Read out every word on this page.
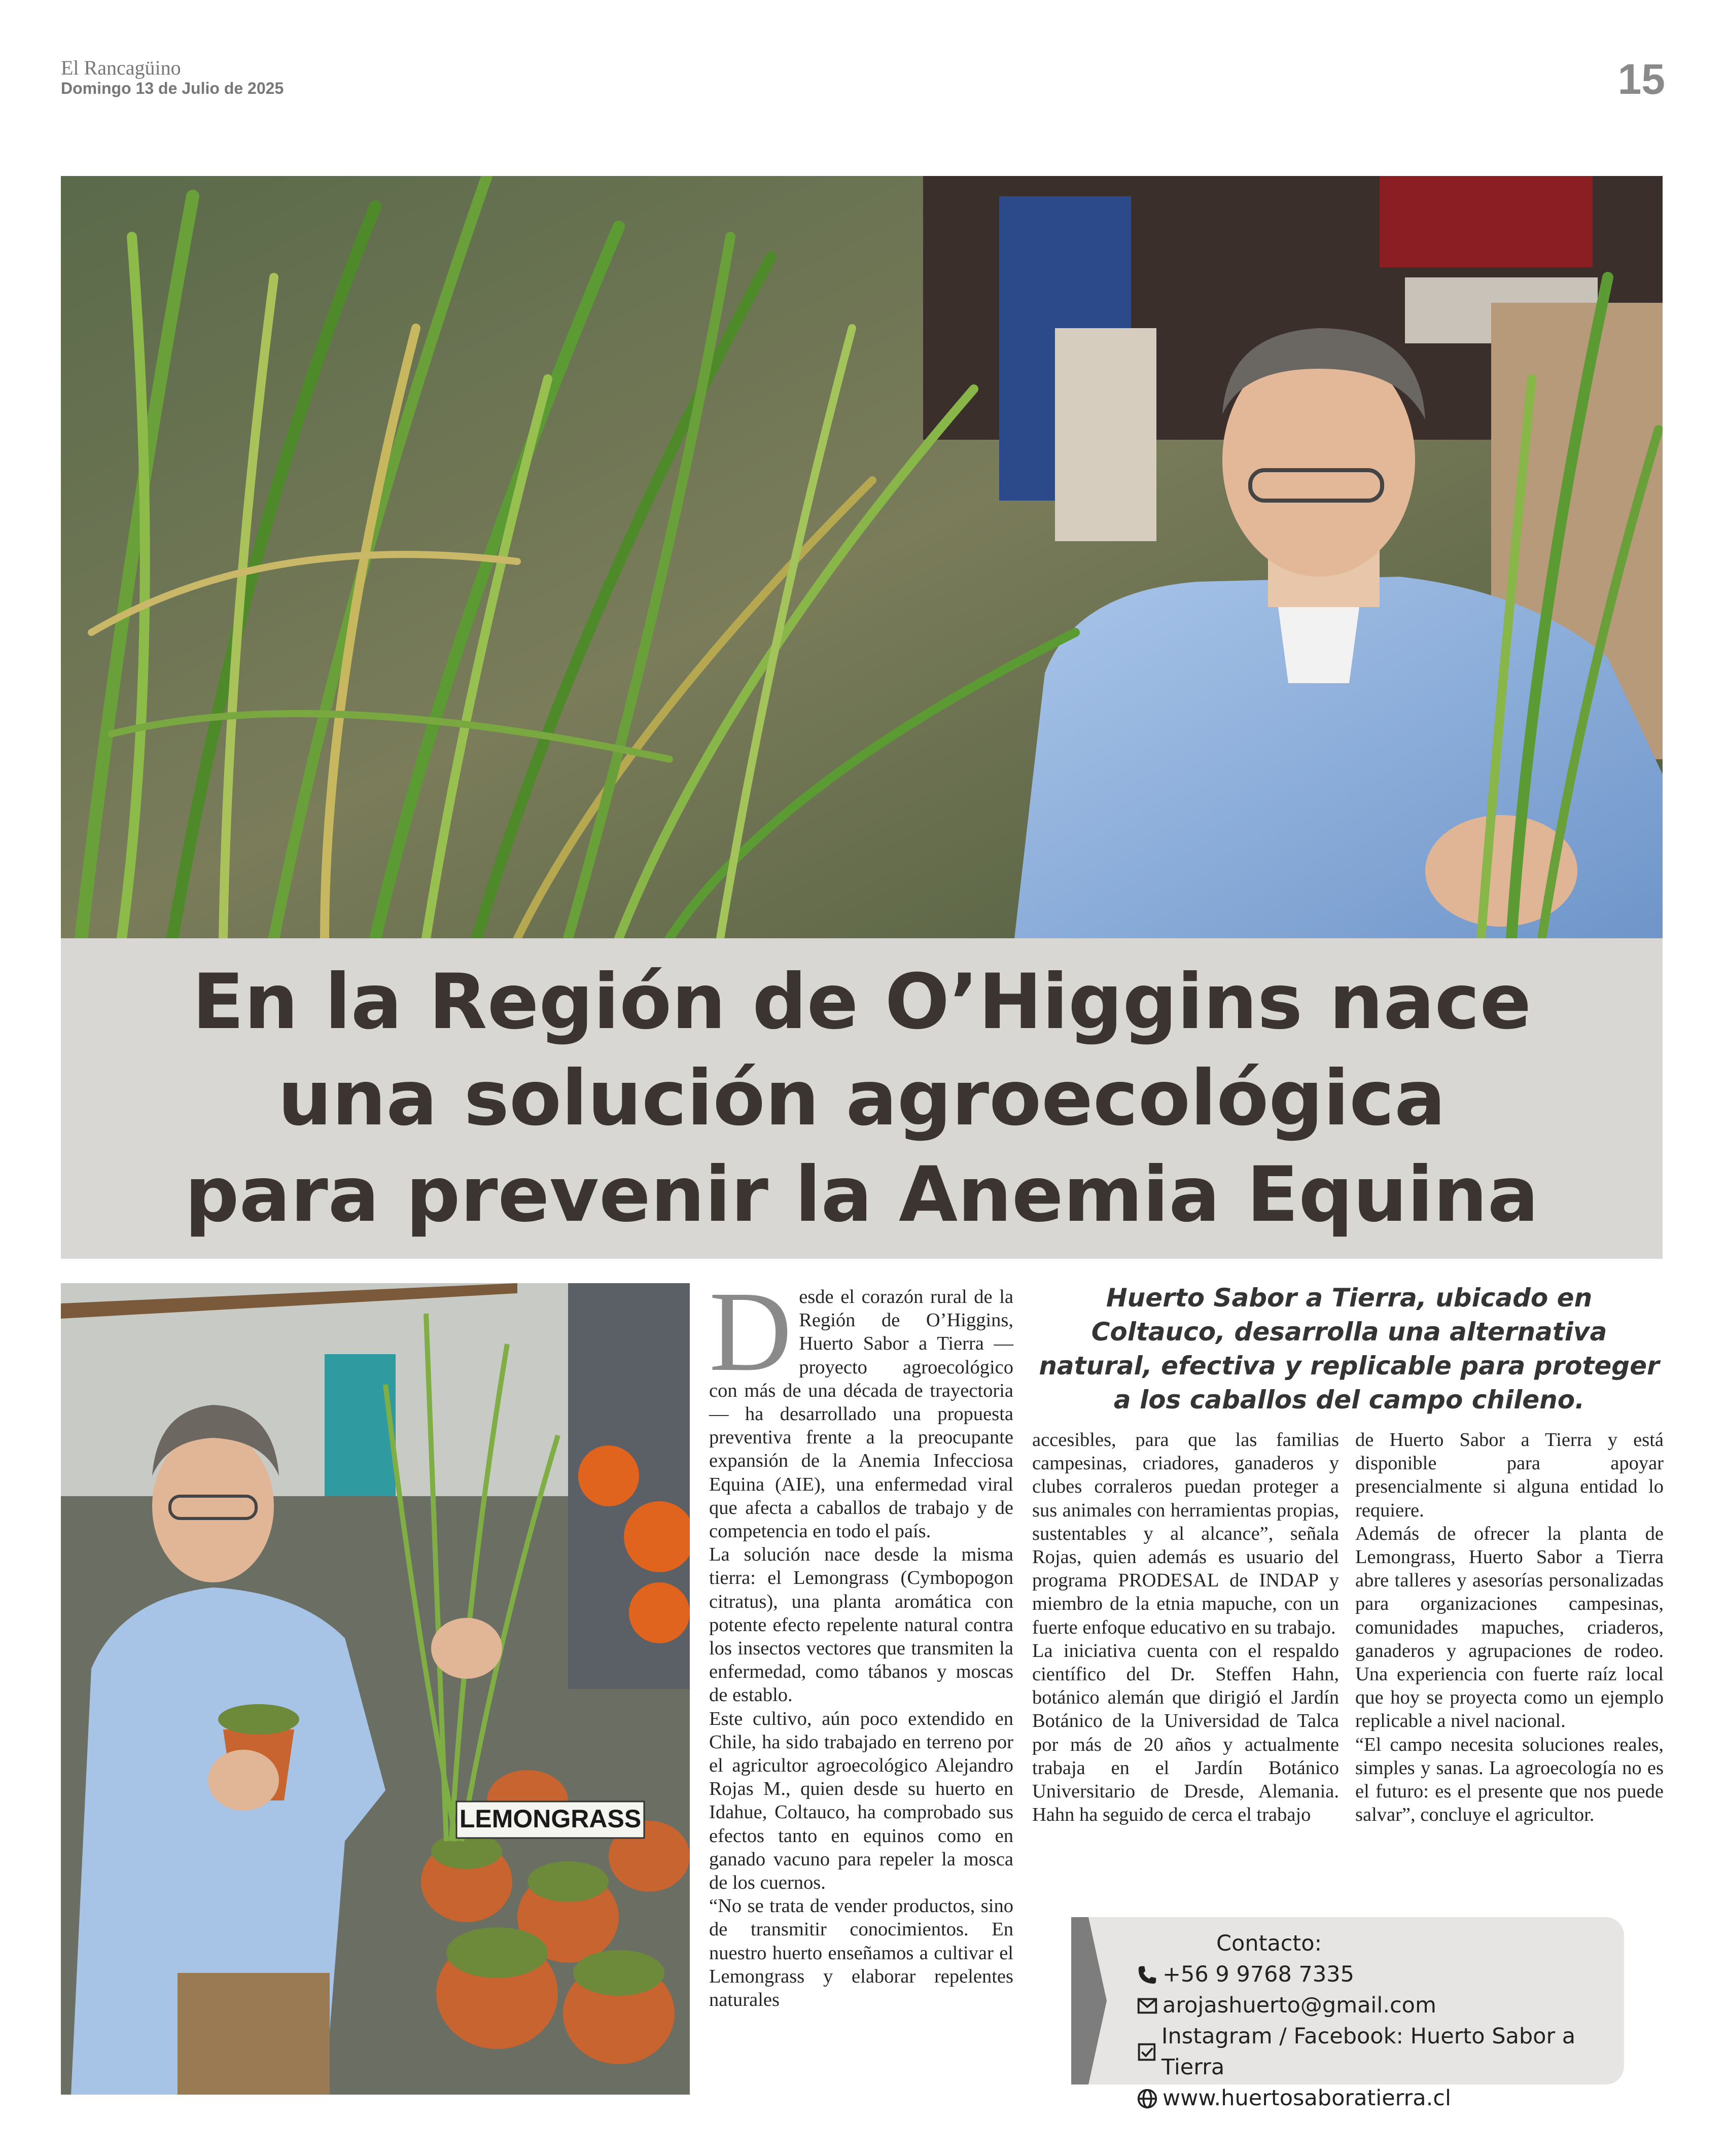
El Rancagüino
Domingo 13 de Julio de 2025	15
En la Región de O’Higgins nace una solución agroecológica para prevenir la Anemia Equina
LEMONGRASS
D esde el corazón rural de la Región de O’Higgins, Huerto Sabor a Tierra —proyecto agroecológico con más de una década de trayectoria— ha desarrollado una propuesta preventiva frente a la preocupante expansión de la Anemia Infecciosa Equina (AIE), una enfermedad viral que afecta a caballos de trabajo y de competencia en todo el país.

La solución nace desde la misma tierra: el Lemongrass (Cymbopogon citratus), una planta aromática con potente efecto repelente natural contra los insectos vectores que transmiten la enfermedad, como tábanos y moscas de establo.

Este cultivo, aún poco extendido en Chile, ha sido trabajado en terreno por el agricultor agroecológico Alejandro Rojas M., quien desde su huerto en Idahue, Coltauco, ha comprobado sus efectos tanto en equinos como en ganado vacuno para repeler la mosca de los cuernos.

“No se trata de vender productos, sino de transmitir conocimientos. En nuestro huerto enseñamos a cultivar el Lemongrass y elaborar repelentes naturales

Huerto Sabor a Tierra, ubicado en Coltauco, desarrolla una alternativa natural, efectiva y replicable para proteger a los caballos del campo chileno.

accesibles, para que las familias campesinas, criadores, ganaderos y clubes corraleros puedan proteger a sus animales con herramientas propias, sustentables y al alcance”, señala Rojas, quien además es usuario del programa PRODESAL de INDAP y miembro de la etnia mapuche, con un fuerte enfoque educativo en su trabajo.

La iniciativa cuenta con el respaldo científico del Dr. Steffen Hahn, botánico alemán que dirigió el Jardín Botánico de la Universidad de Talca por más de 20 años y actualmente trabaja en el Jardín Botánico Universitario de Dresde, Alemania. Hahn ha seguido de cerca el trabajo

de Huerto Sabor a Tierra y está disponible para apoyar presencialmente si alguna entidad lo requiere.

Además de ofrecer la planta de Lemongrass, Huerto Sabor a Tierra abre talleres y asesorías personalizadas para organizaciones campesinas, comunidades mapuches, criaderos, ganaderos y agrupaciones de rodeo. Una experiencia con fuerte raíz local que hoy se proyecta como un ejemplo replicable a nivel nacional.

“El campo necesita soluciones reales, simples y sanas. La agroecología no es el futuro: es el presente que nos puede salvar”, concluye el agricultor.

Contacto:
+56 9 9768 7335
arojashuerto@gmail.com
Instagram / Facebook: Huerto Sabor a Tierra
www.huertosaboratierra.cl
